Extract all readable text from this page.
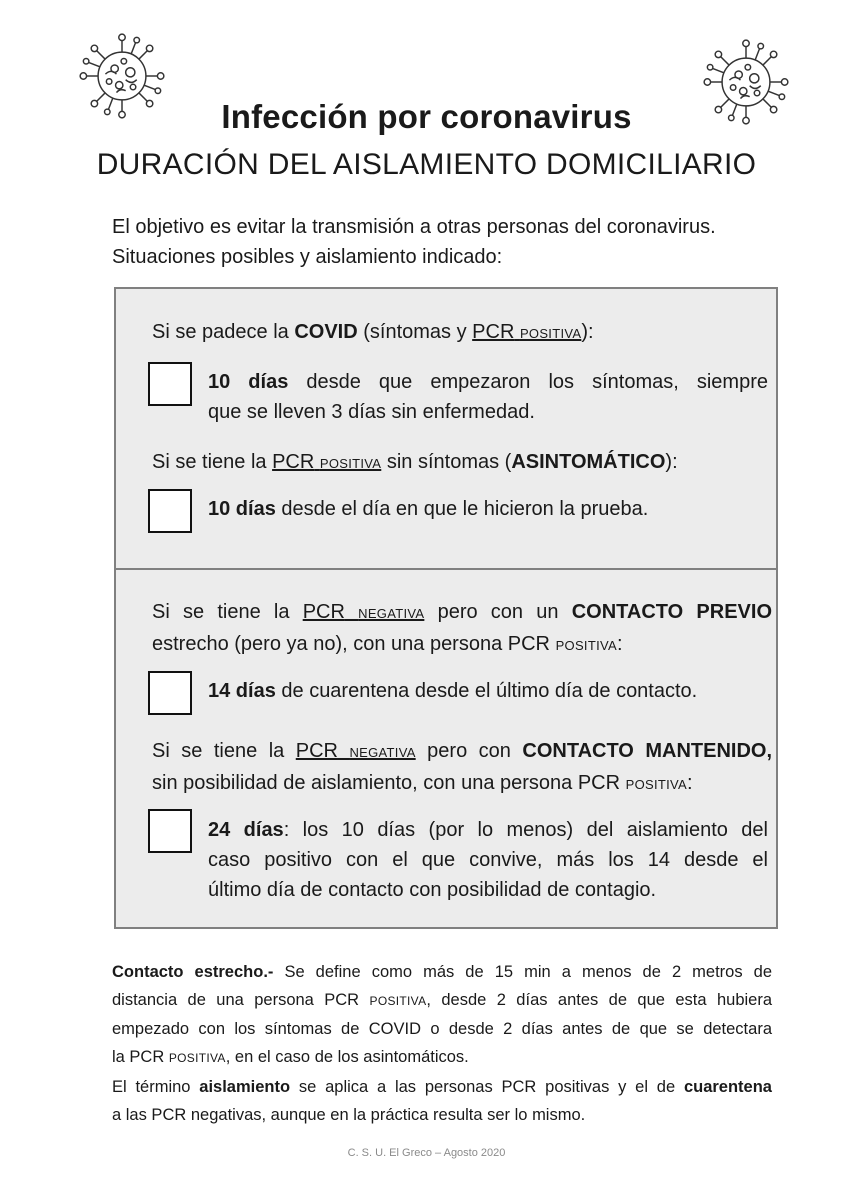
Infección por coronavirus
DURACIÓN DEL AISLAMIENTO DOMICILIARIO
El objetivo es evitar la transmisión a otras personas del coronavirus.
Situaciones posibles y aislamiento indicado:
Si se padece la COVID (síntomas y PCR POSITIVA):
10 días desde que empezaron los síntomas, siempre
que se lleven 3 días sin enfermedad.
Si se tiene la PCR POSITIVA sin síntomas (ASINTOMÁTICO):
10 días desde el día en que le hicieron la prueba.
Si se tiene la PCR NEGATIVA pero con un CONTACTO PREVIO
estrecho (pero ya no), con una persona PCR POSITIVA:
14 días de cuarentena desde el último día de contacto.
Si se tiene la PCR NEGATIVA pero con CONTACTO MANTENIDO,
sin posibilidad de aislamiento, con una persona PCR POSITIVA:
24 días: los 10 días (por lo menos) del aislamiento del
caso positivo con el que convive, más los 14 desde el
último día de contacto con posibilidad de contagio.
Contacto estrecho.- Se define como más de 15 min a menos de 2 metros de
distancia de una persona PCR POSITIVA, desde 2 días antes de que esta hubiera
empezado con los síntomas de COVID o desde 2 días antes de que se detectara
la PCR POSITIVA, en el caso de los asintomáticos.
El término aislamiento se aplica a las personas PCR positivas y el de cuarentena
a las PCR negativas, aunque en la práctica resulta ser lo mismo.
C. S. U. El Greco – Agosto 2020
